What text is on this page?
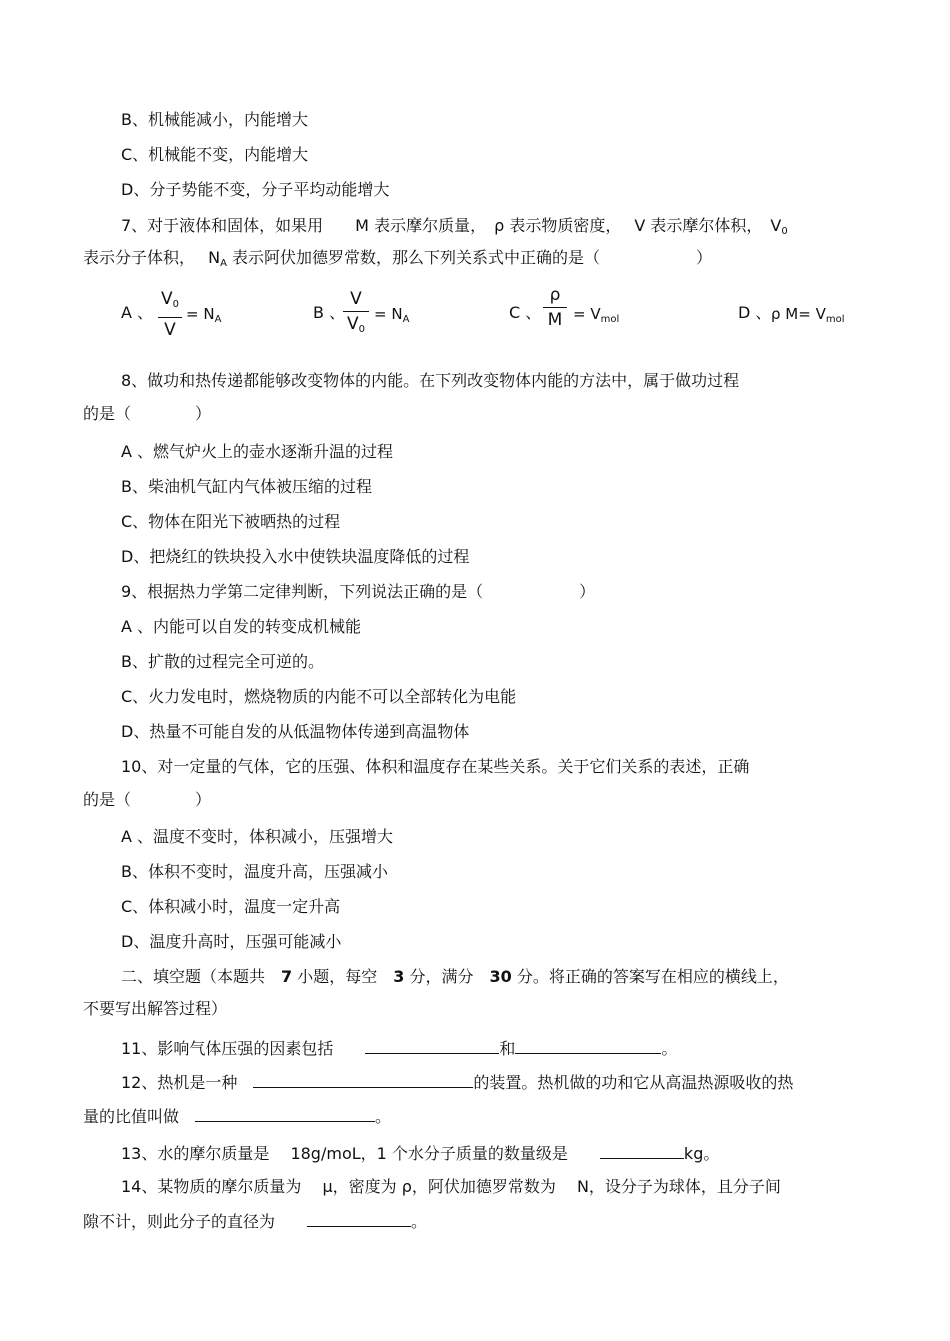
B、机械能减小，内能增大
C、机械能不变，内能增大
D、分子势能不变，分子平均动能增大
7、对于液体和固体，如果用　　M 表示摩尔质量，　ρ 表示物质密度，　 V 表示摩尔体积，　$V_0$
表示分子体积，　 $N_A$ 表示阿伏加德罗常数，那么下列关系式中正确的是（　　　　　　）
A 、
$V_0$
V
= $N_A$	B 、
V
$V_0$
= $N_A$	C 、
ρ
$M = V_{mol}$	D 、 ρ $M= V_{mol}$
8、做功和热传递都能够改变物体的内能。在下列改变物体内能的方法中，属于做功过程
的是（　　　　）
A 、燃气炉火上的壶水逐渐升温的过程
B、柴油机气缸内气体被压缩的过程
C、物体在阳光下被晒热的过程
D、把烧红的铁块投入水中使铁块温度降低的过程
9、根据热力学第二定律判断，下列说法正确的是（　　　　　　）
A 、内能可以自发的转变成机械能
B、扩散的过程完全可逆的。
C、火力发电时，燃烧物质的内能不可以全部转化为电能
D、热量不可能自发的从低温物体传递到高温物体
10、对一定量的气体，它的压强、体积和温度存在某些关系。关于它们关系的表述，正确
的是（　　　　）
A 、温度不变时，体积减小，压强增大
B、体积不变时，温度升高，压强减小
C、体积减小时，温度一定升高
D、温度升高时，压强可能减小
二、填空题（本题共　7 小题，每空　3 分，满分　30 分。将正确的答案写在相应的横线上，
不要写出解答过程）
11、影响气体压强的因素包括　　	和	。
12、热机是一种　	的装置。热机做的功和它从高温热源吸收的热
量的比值叫做　	。
13、水的摩尔质量是　 18g/moL，1 个水分子质量的数量级是　　	kg。
14、某物质的摩尔质量为　 μ，密度为 ρ，阿伏加德罗常数为　 N，设分子为球体，且分子间
隙不计，则此分子的直径为　　	。
